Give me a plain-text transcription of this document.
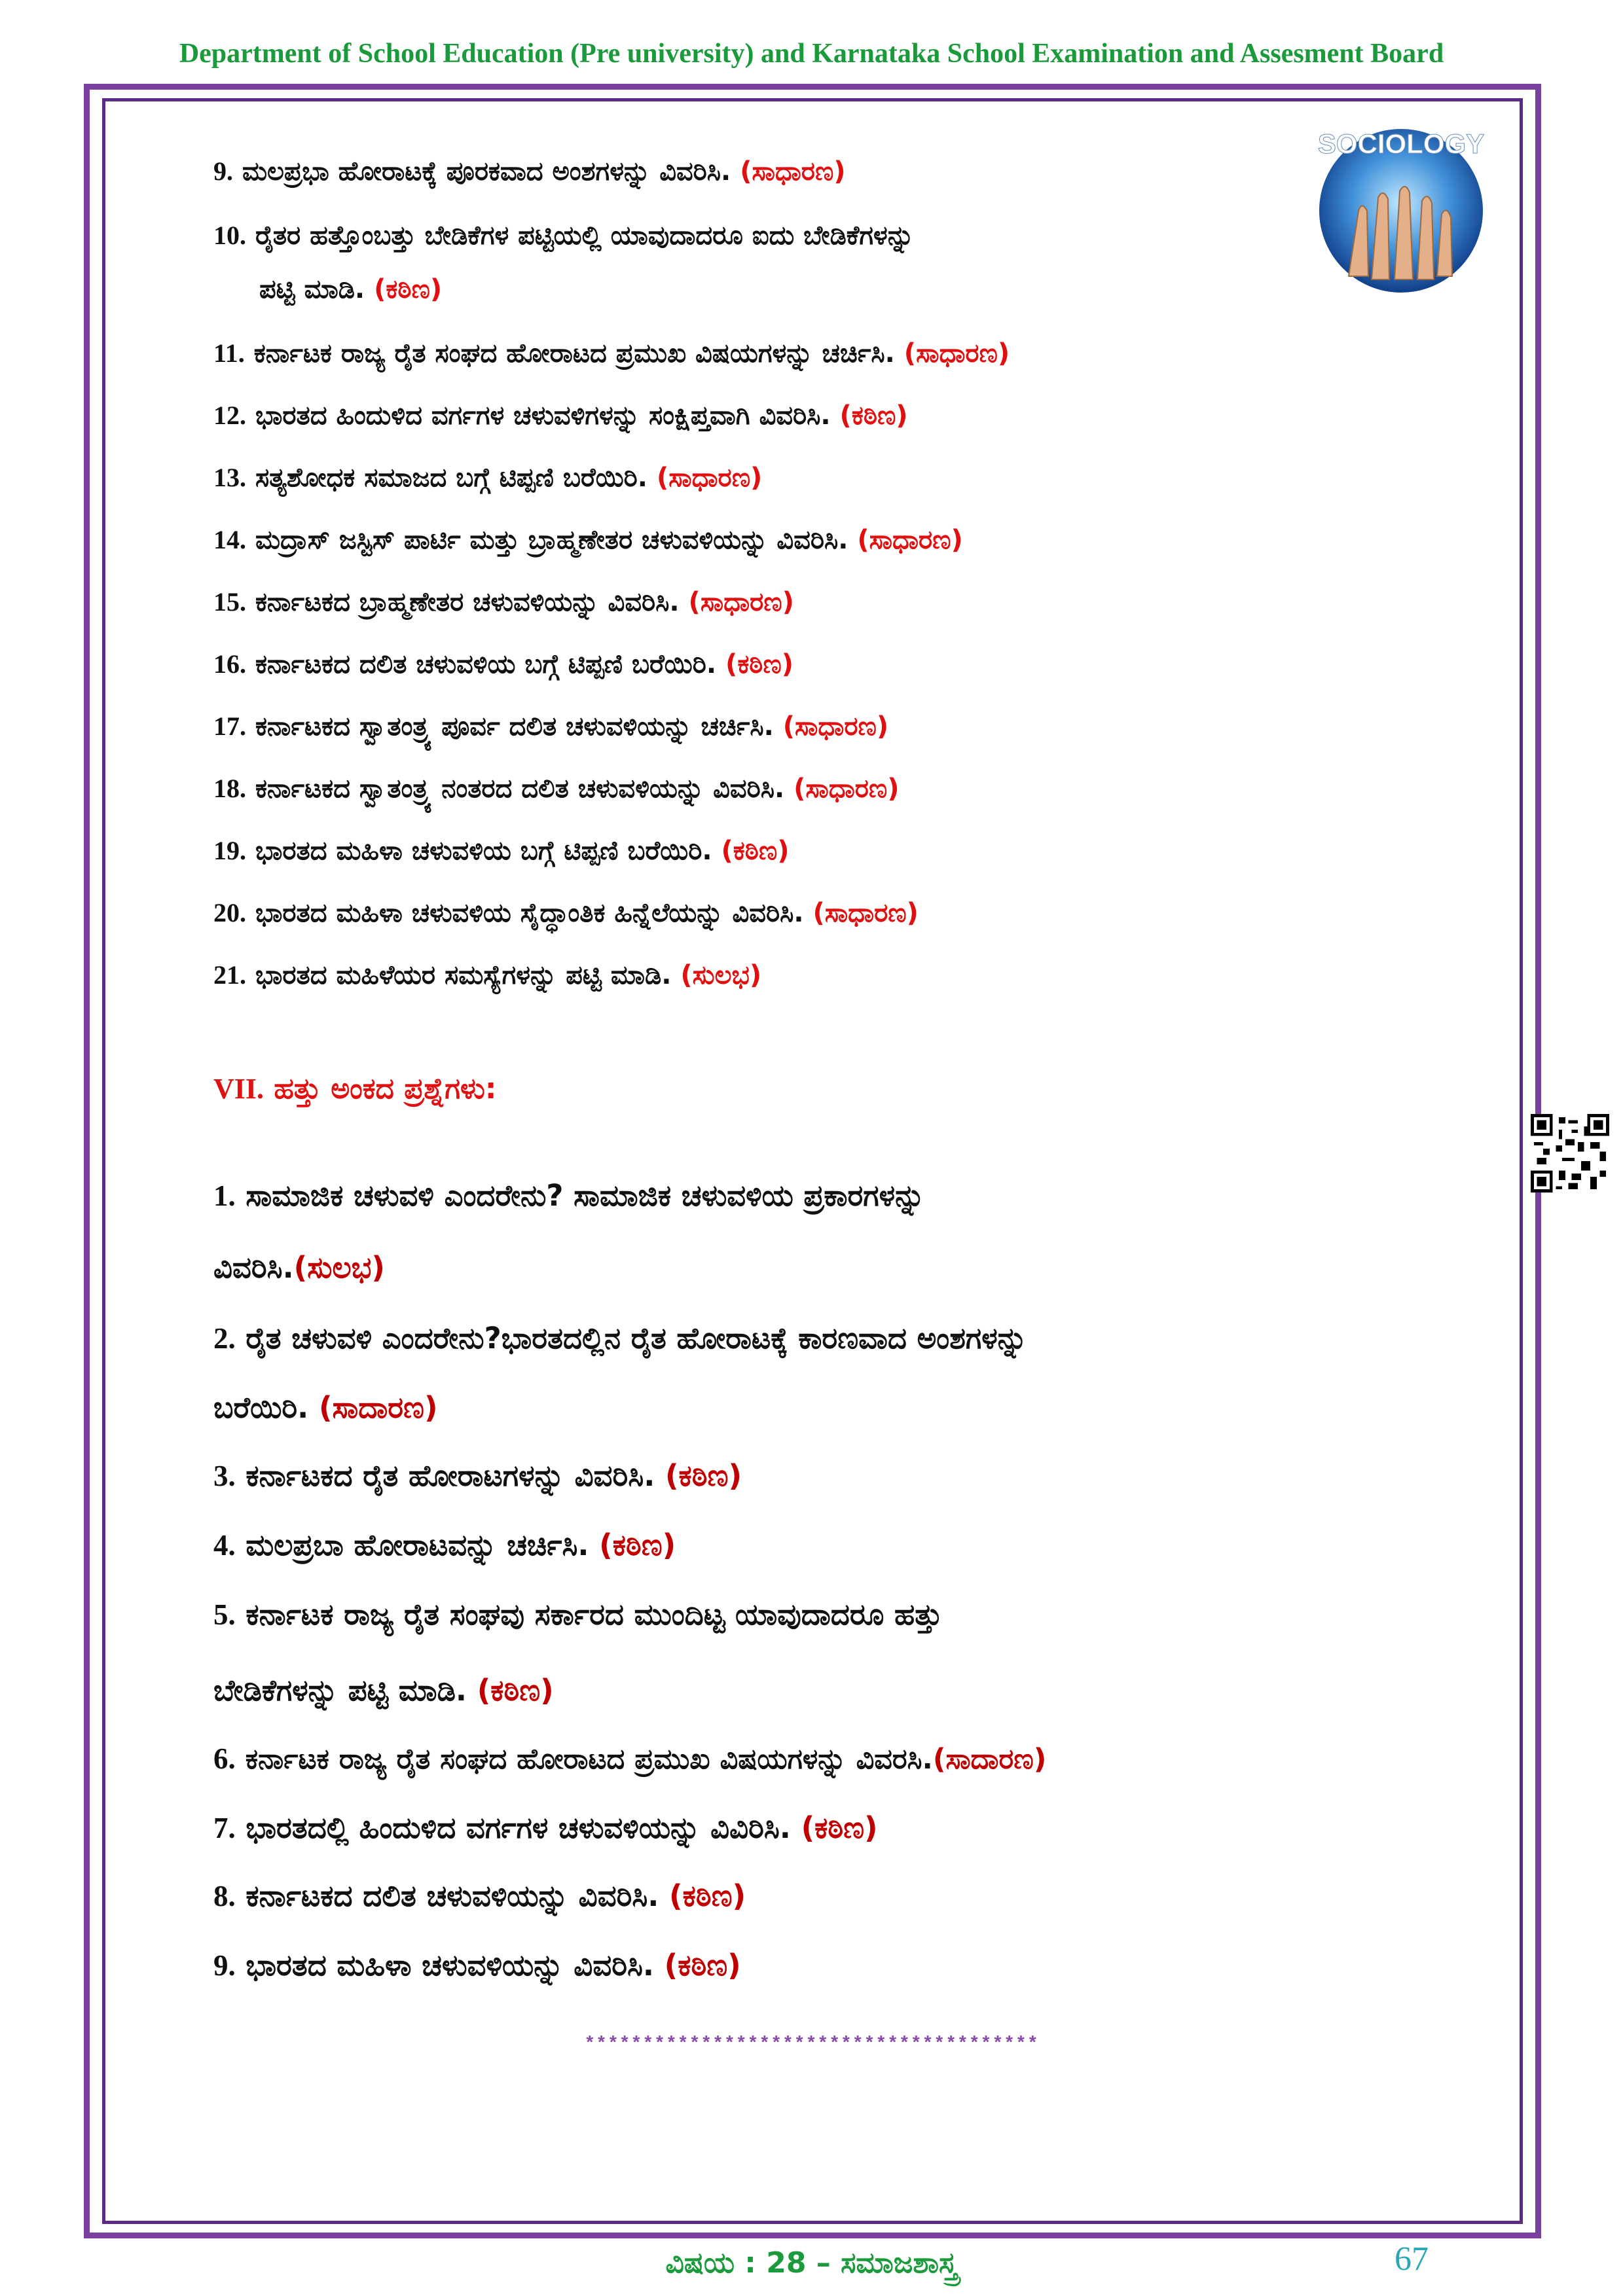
Department of School Education (Pre university) and Karnataka School Examination and Assesment Board
SOCIOLOGY
9. ಮಲಪ್ರಭಾ ಹೋರಾಟಕ್ಕೆ ಪೂರಕವಾದ ಅಂಶಗಳನ್ನು ವಿವರಿಸಿ. (ಸಾಧಾರಣ)
10. ರೈತರ ಹತ್ತೊಂಬತ್ತು ಬೇಡಿಕೆಗಳ ಪಟ್ಟಿಯಲ್ಲಿ ಯಾವುದಾದರೂ ಐದು ಬೇಡಿಕೆಗಳನ್ನು
ಪಟ್ಟಿ ಮಾಡಿ. (ಕಠಿಣ)
11. ಕರ್ನಾಟಕ ರಾಜ್ಯ ರೈತ ಸಂಘದ ಹೋರಾಟದ ಪ್ರಮುಖ ವಿಷಯಗಳನ್ನು ಚರ್ಚಿಸಿ. (ಸಾಧಾರಣ)
12. ಭಾರತದ ಹಿಂದುಳಿದ ವರ್ಗಗಳ ಚಳುವಳಿಗಳನ್ನು ಸಂಕ್ಷಿಪ್ತವಾಗಿ ವಿವರಿಸಿ. (ಕಠಿಣ)
13. ಸತ್ಯಶೋಧಕ ಸಮಾಜದ ಬಗ್ಗೆ ಟಿಪ್ಪಣಿ ಬರೆಯಿರಿ. (ಸಾಧಾರಣ)
14. ಮದ್ರಾಸ್ ಜಸ್ಟಿಸ್ ಪಾರ್ಟಿ ಮತ್ತು ಬ್ರಾಹ್ಮಣೇತರ ಚಳುವಳಿಯನ್ನು ವಿವರಿಸಿ. (ಸಾಧಾರಣ)
15. ಕರ್ನಾಟಕದ ಬ್ರಾಹ್ಮಣೇತರ ಚಳುವಳಿಯನ್ನು ವಿವರಿಸಿ. (ಸಾಧಾರಣ)
16. ಕರ್ನಾಟಕದ ದಲಿತ ಚಳುವಳಿಯ ಬಗ್ಗೆ ಟಿಪ್ಪಣಿ ಬರೆಯಿರಿ. (ಕಠಿಣ)
17. ಕರ್ನಾಟಕದ ಸ್ವಾತಂತ್ರ್ಯ ಪೂರ್ವ ದಲಿತ ಚಳುವಳಿಯನ್ನು ಚರ್ಚಿಸಿ. (ಸಾಧಾರಣ)
18. ಕರ್ನಾಟಕದ ಸ್ವಾತಂತ್ರ್ಯ ನಂತರದ ದಲಿತ ಚಳುವಳಿಯನ್ನು ವಿವರಿಸಿ. (ಸಾಧಾರಣ)
19. ಭಾರತದ ಮಹಿಳಾ ಚಳುವಳಿಯ ಬಗ್ಗೆ ಟಿಪ್ಪಣಿ ಬರೆಯಿರಿ. (ಕಠಿಣ)
20. ಭಾರತದ ಮಹಿಳಾ ಚಳುವಳಿಯ ಸೈದ್ಧಾಂತಿಕ ಹಿನ್ನೆಲೆಯನ್ನು ವಿವರಿಸಿ. (ಸಾಧಾರಣ)
21. ಭಾರತದ ಮಹಿಳೆಯರ ಸಮಸ್ಯೆಗಳನ್ನು ಪಟ್ಟಿ ಮಾಡಿ. (ಸುಲಭ)
VII. ಹತ್ತು ಅಂಕದ ಪ್ರಶ್ನೆಗಳು:
1. ಸಾಮಾಜಿಕ ಚಳುವಳಿ ಎಂದರೇನು? ಸಾಮಾಜಿಕ ಚಳುವಳಿಯ ಪ್ರಕಾರಗಳನ್ನು
ವಿವರಿಸಿ.(ಸುಲಭ)
2. ರೈತ ಚಳುವಳಿ ಎಂದರೇನು?ಭಾರತದಲ್ಲಿನ ರೈತ ಹೋರಾಟಕ್ಕೆ ಕಾರಣವಾದ ಅಂಶಗಳನ್ನು
ಬರೆಯಿರಿ. (ಸಾದಾರಣ)
3. ಕರ್ನಾಟಕದ ರೈತ ಹೋರಾಟಗಳನ್ನು ವಿವರಿಸಿ. (ಕಠಿಣ)
4. ಮಲಪ್ರಬಾ ಹೋರಾಟವನ್ನು ಚರ್ಚಿಸಿ. (ಕಠಿಣ)
5. ಕರ್ನಾಟಕ ರಾಜ್ಯ ರೈತ ಸಂಘವು ಸರ್ಕಾರದ ಮುಂದಿಟ್ಟ ಯಾವುದಾದರೂ ಹತ್ತು
ಬೇಡಿಕೆಗಳನ್ನು ಪಟ್ಟಿ ಮಾಡಿ. (ಕಠಿಣ)
6. ಕರ್ನಾಟಕ ರಾಜ್ಯ ರೈತ ಸಂಘದ ಹೋರಾಟದ ಪ್ರಮುಖ ವಿಷಯಗಳನ್ನು ವಿವರಸಿ.(ಸಾದಾರಣ)
7. ಭಾರತದಲ್ಲಿ ಹಿಂದುಳಿದ ವರ್ಗಗಳ ಚಳುವಳಿಯನ್ನು ವಿವಿರಿಸಿ. (ಕಠಿಣ)
8. ಕರ್ನಾಟಕದ ದಲಿತ ಚಳುವಳಿಯನ್ನು ವಿವರಿಸಿ. (ಕಠಿಣ)
9. ಭಾರತದ ಮಹಿಳಾ ಚಳುವಳಿಯನ್ನು ವಿವರಿಸಿ. (ಕಠಿಣ)
***************************************
ವಿಷಯ : 28 – ಸಮಾಜಶಾಸ್ತ್ರ	67
